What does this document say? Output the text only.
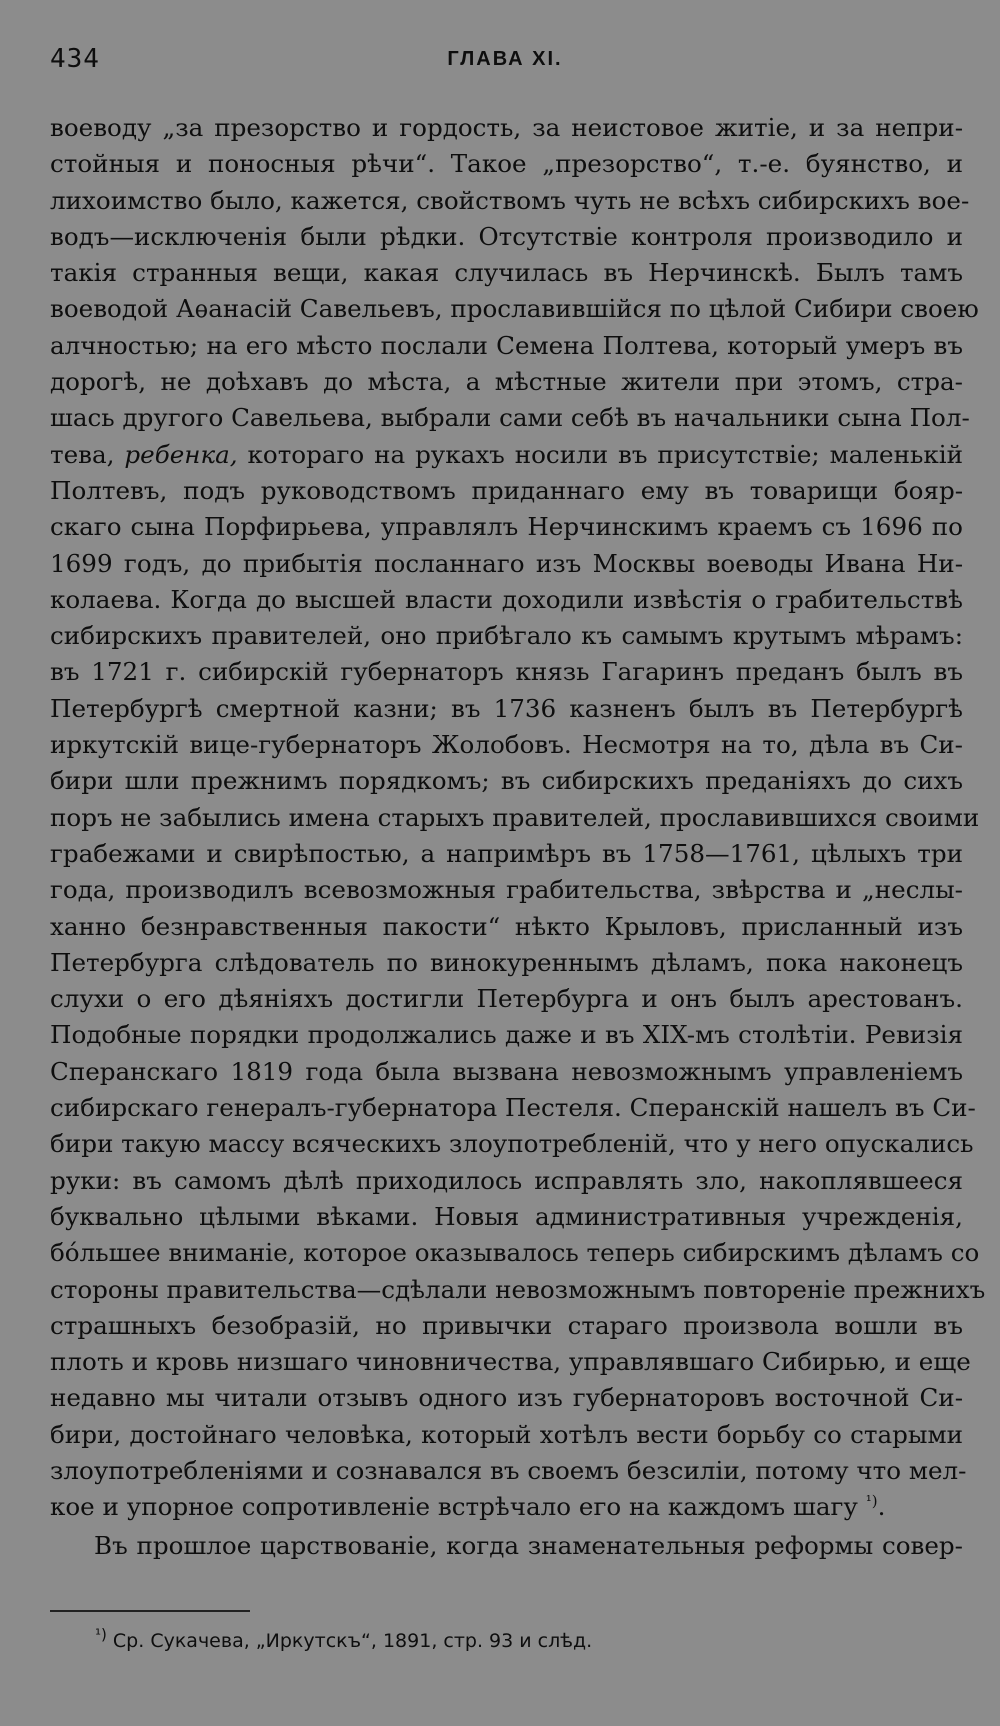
434	ГЛАВА XI.
воеводу „за презорство и гордость, за неистовое житіе, и за непри-
стойныя и поносныя рѣчи“. Такое „презорство“, т.-е. буянство, и
лихоимство было, кажется, свойствомъ чуть не всѣхъ сибирскихъ вое-
водъ—исключенія были рѣдки. Отсутствіе контроля производило и
такія странныя вещи, какая случилась въ Нерчинскѣ. Былъ тамъ
воеводой Аѳанасій Савельевъ, прославившійся по цѣлой Сибири своею
алчностью; на его мѣсто послали Семена Полтева, который умеръ въ
дорогѣ, не доѣхавъ до мѣста, а мѣстные жители при этомъ, стра-
шась другого Савельева, выбрали сами себѣ въ начальники сына Пол-
тева, ребенка, котораго на рукахъ носили въ присутствіе; маленькій
Полтевъ, подъ руководствомъ приданнаго ему въ товарищи бояр-
скаго сына Порфирьева, управлялъ Нерчинскимъ краемъ съ 1696 по
1699 годъ, до прибытія посланнаго изъ Москвы воеводы Ивана Ни-
колаева. Когда до высшей власти доходили извѣстія о грабительствѣ
сибирскихъ правителей, оно прибѣгало къ самымъ крутымъ мѣрамъ:
въ 1721 г. сибирскій губернаторъ князь Гагаринъ преданъ былъ въ
Петербургѣ смертной казни; въ 1736 казненъ былъ въ Петербургѣ
иркутскій вице-губернаторъ Жолобовъ. Несмотря на то, дѣла въ Си-
бири шли прежнимъ порядкомъ; въ сибирскихъ преданіяхъ до сихъ
поръ не забылись имена старыхъ правителей, прославившихся своими
грабежами и свирѣпостью, а напримѣръ въ 1758—1761, цѣлыхъ три
года, производилъ всевозможныя грабительства, звѣрства и „неслы-
ханно безнравственныя пакости“ нѣкто Крыловъ, присланный изъ
Петербурга слѣдователь по винокуреннымъ дѣламъ, пока наконецъ
слухи о его дѣяніяхъ достигли Петербурга и онъ былъ арестованъ.
Подобные порядки продолжались даже и въ XIX-мъ столѣтіи. Ревизія
Сперанскаго 1819 года была вызвана невозможнымъ управленіемъ
сибирскаго генералъ-губернатора Пестеля. Сперанскій нашелъ въ Си-
бири такую массу всяческихъ злоупотребленій, что у него опускались
руки: въ самомъ дѣлѣ приходилось исправлять зло, накоплявшееся
буквально цѣлыми вѣками. Новыя административныя учрежденія,
бóльшее вниманіе, которое оказывалось теперь сибирскимъ дѣламъ со
стороны правительства—сдѣлали невозможнымъ повтореніе прежнихъ
страшныхъ безобразій, но привычки стараго произвола вошли въ
плоть и кровь низшаго чиновничества, управлявшаго Сибирью, и еще
недавно мы читали отзывъ одного изъ губернаторовъ восточной Си-
бири, достойнаго человѣка, который хотѣлъ вести борьбу со старыми
злоупотребленіями и сознавался въ своемъ безсиліи, потому что мел-
кое и упорное сопротивленіе встрѣчало его на каждомъ шагу $^{^1)}$.
Въ прошлое царствованіе, когда знаменательныя реформы совер-
$^{^1)}$ Ср. Сукачева, „Иркутскъ“, 1891, стр. 93 и слѣд.
